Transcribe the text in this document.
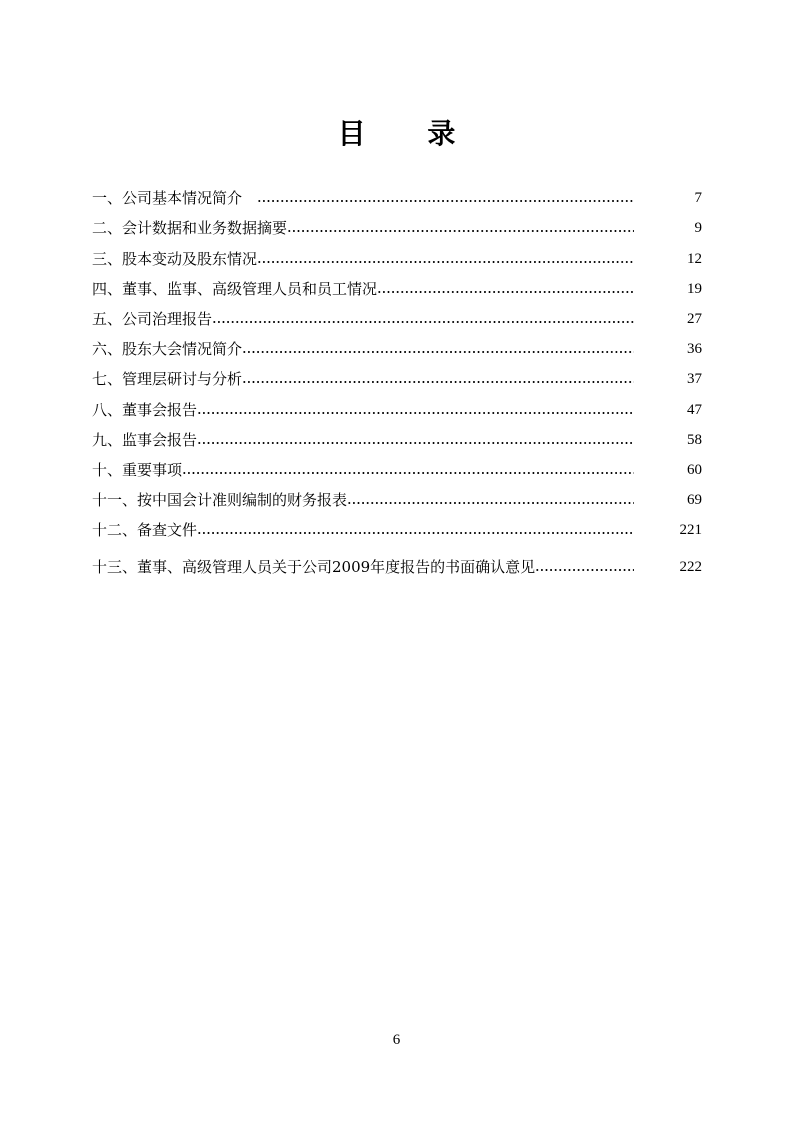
目 录
一、公司基本情况简介　	7
二、会计数据和业务数据摘要	9
三、股本变动及股东情况	12
四、董事、监事、高级管理人员和员工情况	19
五、公司治理报告	27
六、股东大会情况简介	36
七、管理层研讨与分析	37
八、董事会报告	47
九、监事会报告	58
十、重要事项	60
十一、按中国会计准则编制的财务报表	69
十二、备查文件	221
十三、董事、高级管理人员关于公司2009年度报告的书面确认意见	222
6
